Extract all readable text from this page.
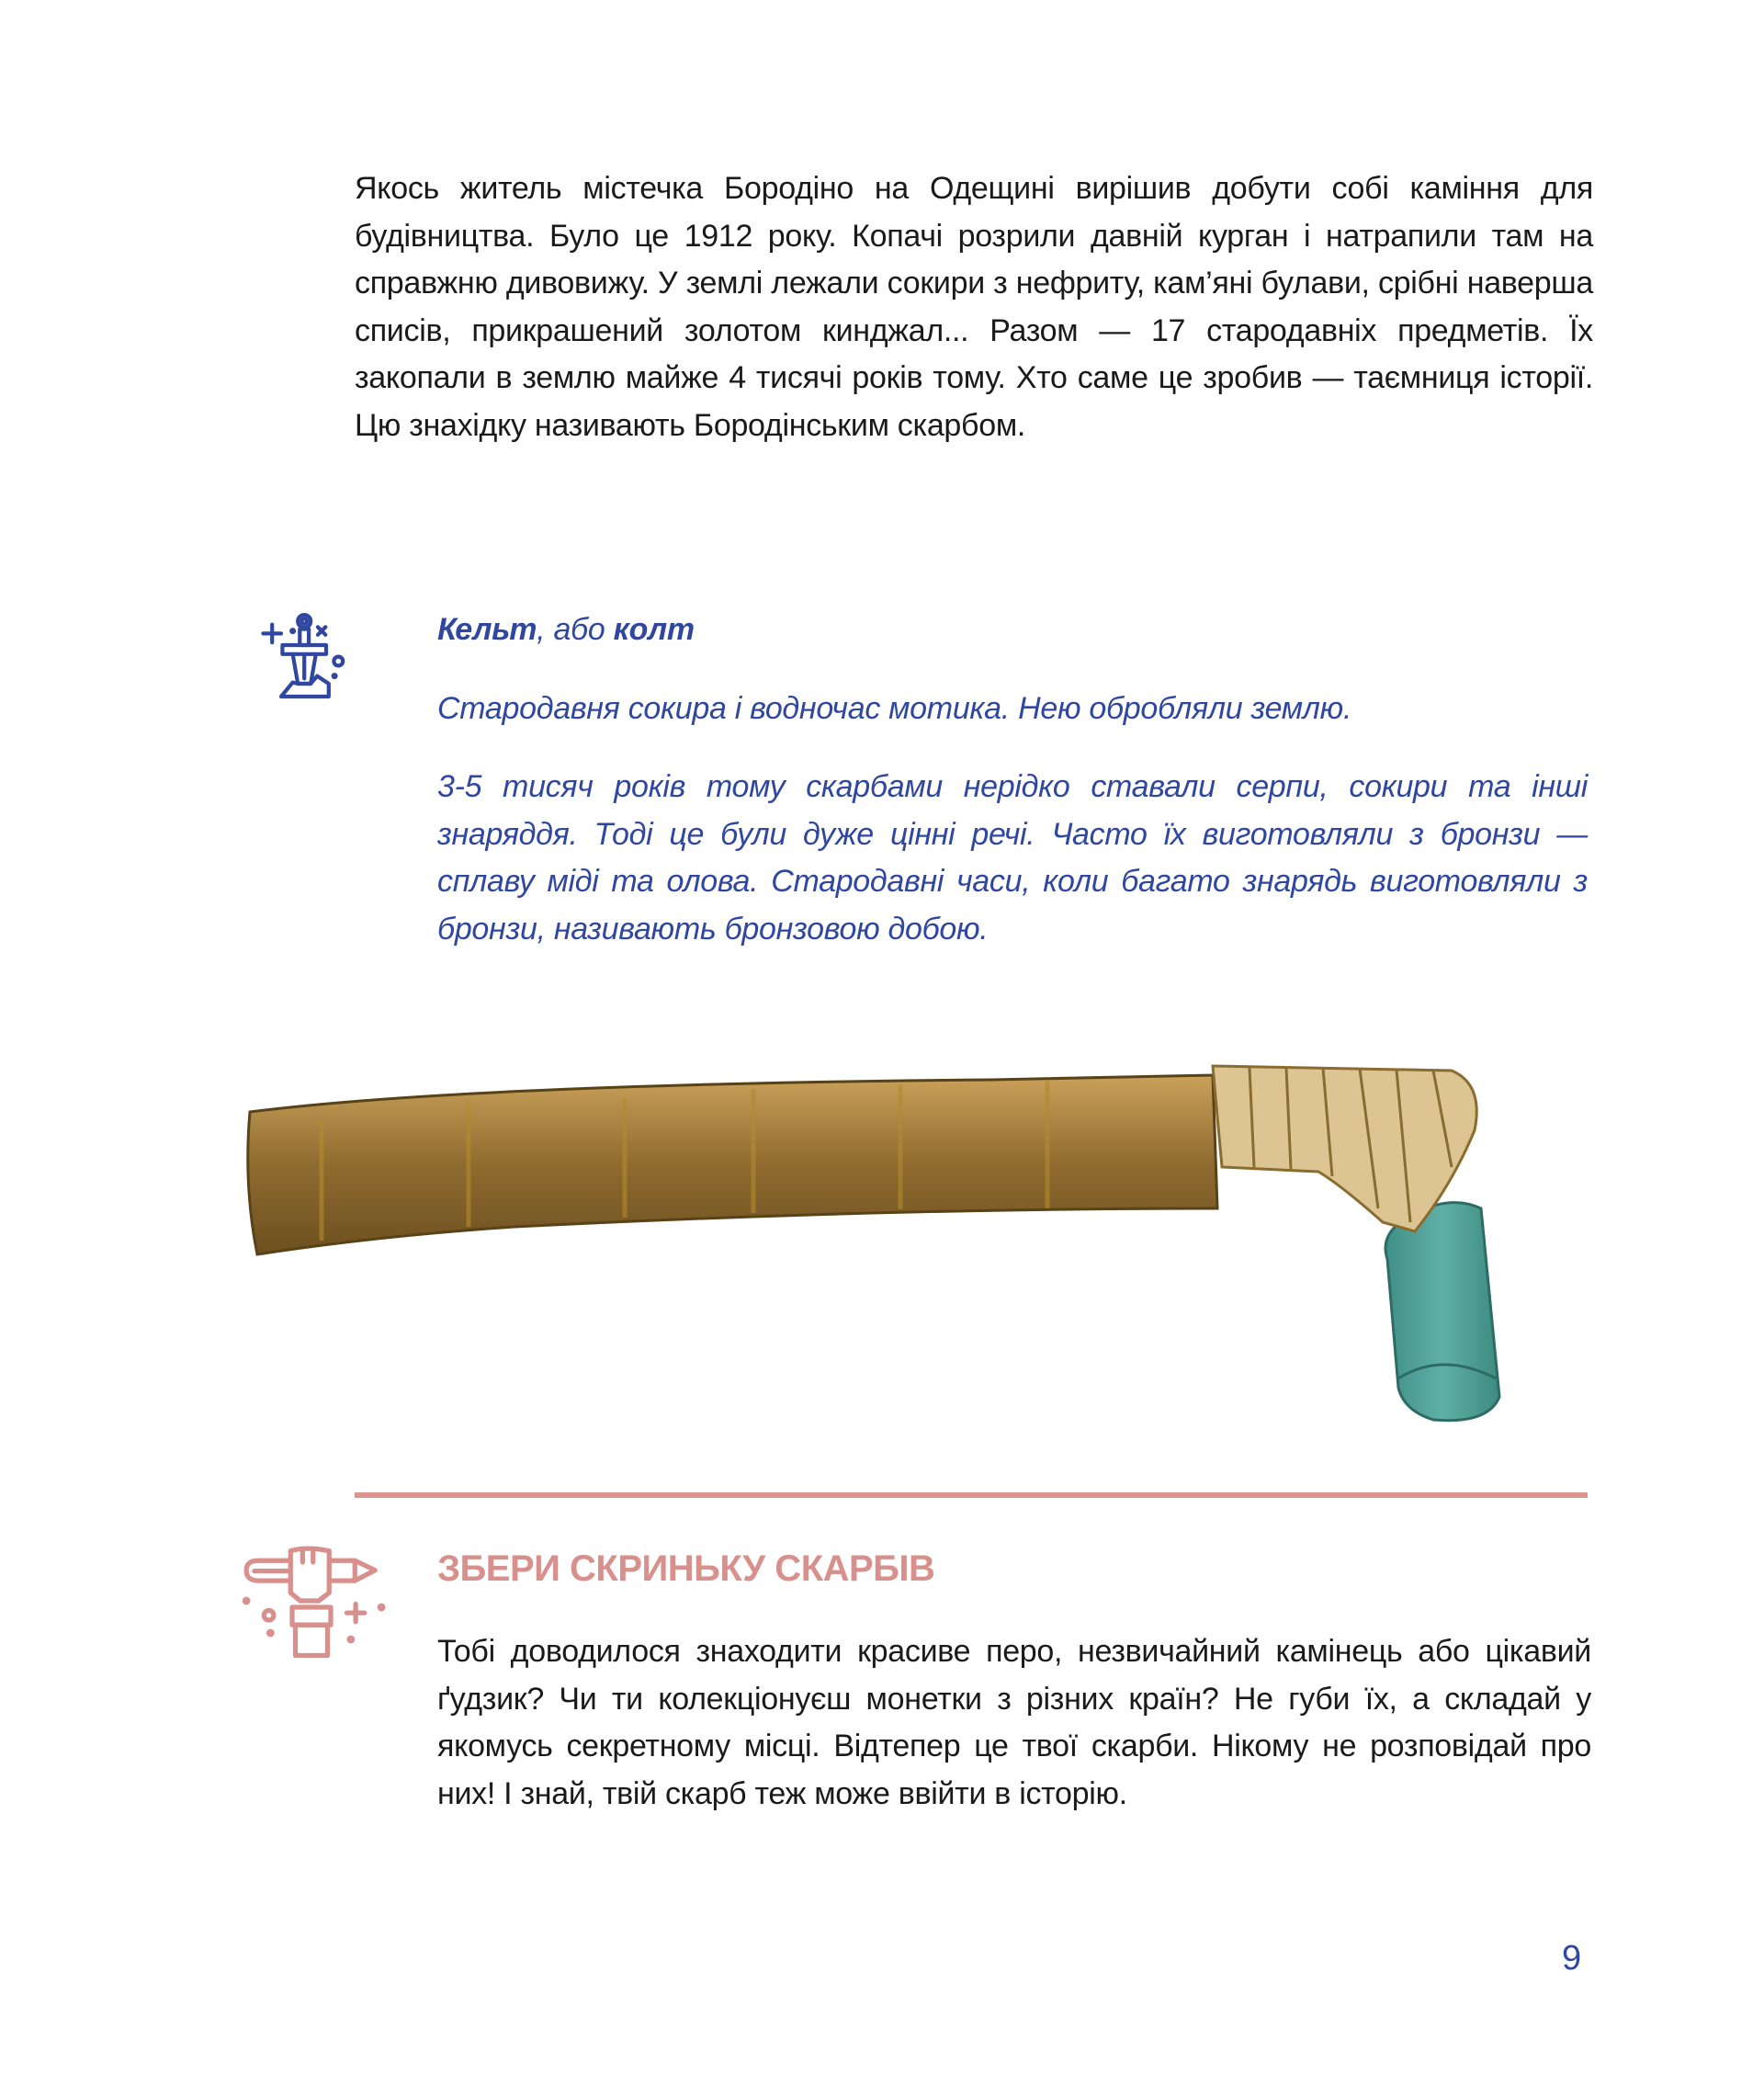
Якось житель містечка Бородіно на Одещині вирішив добути собі каміння для будівництва. Було це 1912 року. Копачі розрили давній курган і натрапили там на справжню дивовижу. У землі лежали сокири з нефриту, кам’яні булави, срібні наверша списів, прикрашений золотом кинджал... Разом — 17 стародавніх предметів. Їх закопали в землю майже 4 тисячі років тому. Хто саме це зробив — таємниця історії. Цю знахідку називають Бородінським скарбом.

Кельт, або колт

Стародавня сокира і водночас мотика. Нею обробляли землю.

3-5 тисяч років тому скарбами нерідко ставали серпи, сокири та інші знаряддя. Тоді це були дуже цінні речі. Часто їх виготовляли з бронзи — сплаву міді та олова. Стародавні часи, коли багато знарядь виготовляли з бронзи, називають бронзовою добою.

ЗБЕРИ СКРИНЬКУ СКАРБІВ

Тобі доводилося знаходити красиве перо, незвичайний камінець або цікавий ґудзик? Чи ти колекціонуєш монетки з різних країн? Не губи їх, а складай у якомусь секретному місці. Відтепер це твої скарби. Нікому не розповідай про них! І знай, твій скарб теж може ввійти в історію.

9
